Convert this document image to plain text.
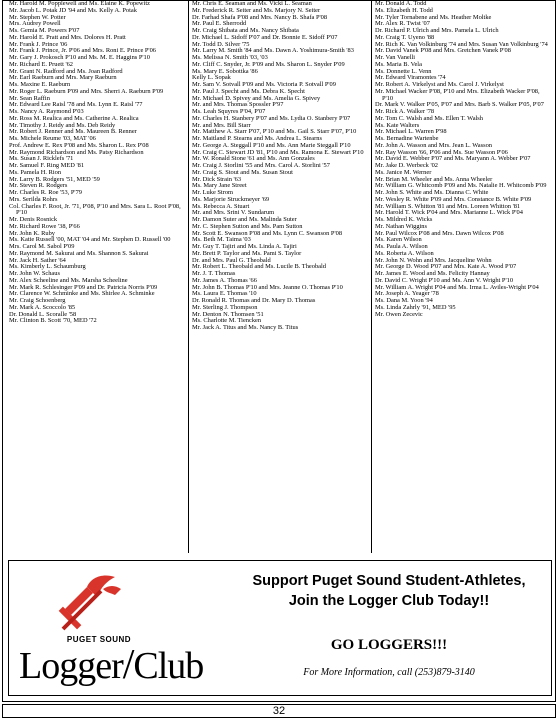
Mr. Harold M. Popplewell and Ms. Elaine K. Popewitz
Mr. Jacob L. Potak JD '94 and Ms. Kelly A. Potak
Mr. Stephen W. Potter
Mrs. Audrey Powell
Ms. Gemia M. Powers P'07
Mr. Harold E. Pratt and Mrs. Dolores H. Pratt
Mr. Frank J. Prince '06
Mr. Frank J. Prince, Jr. P'06 and Mrs. Roni E. Prince P'06
Mr. Gary J. Prokosch P'10 and Ms. M. E. Haggins P'10
Mr. Richard E. Pruett '62
Mr. Grant N. Radford and Ms. Joan Radford
Mr. Earl Raeburn and Mrs. Mary Raeburn
Ms. Maxine E. Raeburn
Mr. Roger L. Raeburn P'09 and Mrs. Sherri A. Raeburn P'09
Mr. Sean Raffin
Mr. Edward Lee Raisl '78 and Ms. Lynn E. Raisl '77
Ms. Nancy A. Raymond P'03
Mr. Ross M. Realica and Ms. Catherine A. Realica
Mr. Timothy J. Reidy and Ms. Deb Reidy
Mr. Robert J. Renner and Ms. Maureen B. Renner
Ms. Michele Reume '03, MAT '06
Prof. Andrew E. Rex P'08 and Ms. Sharon L. Rex P'08
Mr. Raymond Richardson and Ms. Patsy Richardson
Ms. Susan J. Ricklefs '71
Mr. Samuel F. Ring MED '81
Ms. Pamela H. Rion
Mr. Larry B. Rodgers '51, MED '59
Mr. Steven R. Rodgers
Mr. Charles R. Roe '53, P'79
Mrs. Serilda Rohrs
Col. Charles F. Root, Jr. '71, P'08, P'10 and Mrs. Sara L. Root P'08, P'10
Mr. Denis Rosnick
Mr. Richard Rowe '38, P'66
Mr. John K. Ruby
Ms. Katie Russell '00, MAT '04 and Mr. Stephen D. Russell '00
Mrs. Carol M. Sabol P'09
Mr. Raymond M. Sakurai and Ms. Shannon S. Sakurai
Mr. Jack H. Sather '64
Ms. Kimberly L. Schaumburg
Mr. John W. Schaus
Mr. Alex Scheeline and Ms. Marsha Scheeline
Mr. Mark R. Schlesinger P'09 and Dr. Patricia Norris P'09
Mr. Clarence W. Schminke and Ms. Shirlee A. Schminke
Mr. Craig Schoenberg
Mr. Mark A. Scoccolo '85
Dr. Donald L. Scoralle '58
Mr. Clinton B. Scott '70, MED '72
Mr. Chris E. Seaman and Ms. Vicki L. Seaman
Mr. Frederick R. Seiter and Ms. Marjory N. Seiter
Dr. Farhad Shafa P'08 and Mrs. Nancy B. Shafa P'08
Mr. Paul E. Sherrodd
Mr. Craig Shibata and Ms. Nancy Shibata
Dr. Michael L. Sidoff P'07 and Dr. Bonnie E. Sidoff P'07
Mr. Todd D. Silver '75
Mr. Larry M. Smith '84 and Ms. Dawn A. Yoshimura-Smith '83
Ms. Melissa N. Smith '03, '03
Mr. Cliff C. Snyder, Jr. P'09 and Ms. Sharon L. Snyder P'09
Ms. Mary E. Sobottka '86
Kelly L. Sopak
Mr. Sam V. Sotvall P'09 and Ms. Victoria P. Sotvall P'09
Mr. Paul J. Specht and Ms. Debra K. Specht
Mr. Michael D. Spivey and Ms. Amelia G. Spivey
Mr. and Mrs. Thomas Spossler P'97
Ms. Leah Squyres P'04, P'07
Mr. Charles H. Stanbery P'07 and Ms. Lydia O. Stanbery P'07
Mr. and Mrs. Bill Starr
Mr. Matthew A. Starr P'07, P'10 and Ms. Gail S. Starr P'07, P'10
Mr. Maitland P. Stearns and Ms. Andrea L. Stearns
Mr. George A. Steggall P'10 and Ms. Ann Marie Steggall P'10
Mr. Craig C. Stewart JD '81, P'10 and Ms. Ramona E. Stewart P'10
Mr. W. Ronald Stone '61 and Ms. Ann Gonzales
Mr. Craig J. Storlini '55 and Mrs. Carol A. Storlini '57
Mr. Craig S. Stout and Ms. Susan Stout
Mr. Dick Strain '63
Ms. Mary Jane Street
Mr. Luke Strom
Ms. Marjorie Struckmeyer '69
Ms. Rebecca A. Stuart
Mr. and Mrs. Srini V. Sundarum
Mr. Damon Suter and Ms. Malinda Suter
Mr. C. Stephen Sutton and Ms. Pam Sutton
Mr. Scott E. Swanson P'08 and Ms. Lynn C. Swanson P'08
Ms. Beth M. Taima '03
Mr. Guy T. Tajiri and Ms. Linda A. Tajiri
Mr. Brett P. Taylor and Ms. Pami S. Taylor
Dr. and Mrs. Paul G. Theobald
Mr. Robert L. Theobald and Ms. Lucile B. Theobald
Mr. J. T. Thomas
Mr. James A. Thomas '66
Mr. John B. Thomas P'10 and Mrs. Jeanne O. Thomas P'10
Ms. Laura E. Thomas '10
Dr. Ronald R. Thomas and Dr. Mary D. Thomas
Mr. Sterling J. Thompson
Mr. Denton N. Thomsen '51
Ms. Charlotte M. Tiencken
Mr. Jack A. Titus and Ms. Nancy B. Titus
Mr. Donald A. Todd
Ms. Elizabeth H. Todd
Mr. Tyler Tornabene and Ms. Heather Moltke
Mr. Alex R. Twist '07
Dr. Richard P. Ulrich and Mrs. Pamela L. Ulrich
Mr. Craig T. Uyeno '88
Mr. Rich K. Van Volkinburg '74 and Mrs. Susan Van Volkinburg '74
Mr. David Vanek P'08 and Mrs. Gretchen Vanek P'08
Mr. Van Vanelli
Ms. Maria B. Vela
Ms. Donnette L. Venn
Mr. Edward Viramontes '74
Mr. Robert A. Virkelyst and Ms. Carol J. Virkelyst
Mr. Michael Wacker P'08, P'10 and Mrs. Elizabeth Wacker P'08, P'10
Dr. Mark V. Walker P'05, P'07 and Mrs. Barb S. Walker P'05, P'07
Mr. Rick A. Walker '78
Mr. Tom C. Walsh and Ms. Ellen T. Walsh
Ms. Kate Walters
Mr. Michael L. Warren P'98
Ms. Bernadine Wartenbe
Mr. John A. Wasson and Mrs. Jean L. Wasson
Mr. Ray Wasson '66, P'06 and Ms. Sue Wasson P'06
Mr. David E. Webber P'07 and Ms. Maryann A. Webber P'07
Mr. Jake D. Werbeck '02
Ms. Janice M. Werner
Mr. Brian M. Wheeler and Ms. Anna Wheeler
Mr. William G. Whitcomb P'09 and Ms. Natalie H. Whitcomb P'09
Mr. John S. White and Ms. Dianna C. White
Mr. Wesley R. White P'09 and Mrs. Constance B. White P'09
Mr. William S. Whitton '81 and Mrs. Loreen Whitton '81
Mr. Harold T. Wick P'04 and Mrs. Marianne L. Wick P'04
Ms. Mildred K. Wicks
Mr. Nathan Wiggins
Mr. Paul Wilcox P'08 and Mrs. Dawn Wilcox P'08
Ms. Karen Wilson
Ms. Paula A. Wilson
Ms. Roberta A. Wilson
Mr. John N. Wohn and Mrs. Jacqueline Wohn
Mr. George D. Wood P'07 and Mrs. Kate A. Wood P'07
Mr. James E. Wood and Ms. Felicity Hannay
Dr. David C. Wright P'10 and Ms. Ann V. Wright P'10
Mr. William A. Wright P'04 and Ms. Irma L. Aviles-Wright P'04
Mr. Joseph A. Yeager '78
Ms. Dana M. Yoon '94
Ms. Linda Zahrly '91, MED '95
Mr. Owen Zecevic
PUGET SOUND
Logger/Club
Support Puget Sound Student-Athletes,
Join the Logger Club Today!!
GO LOGGERS!!!
For More Information, call (253)879-3140
32
